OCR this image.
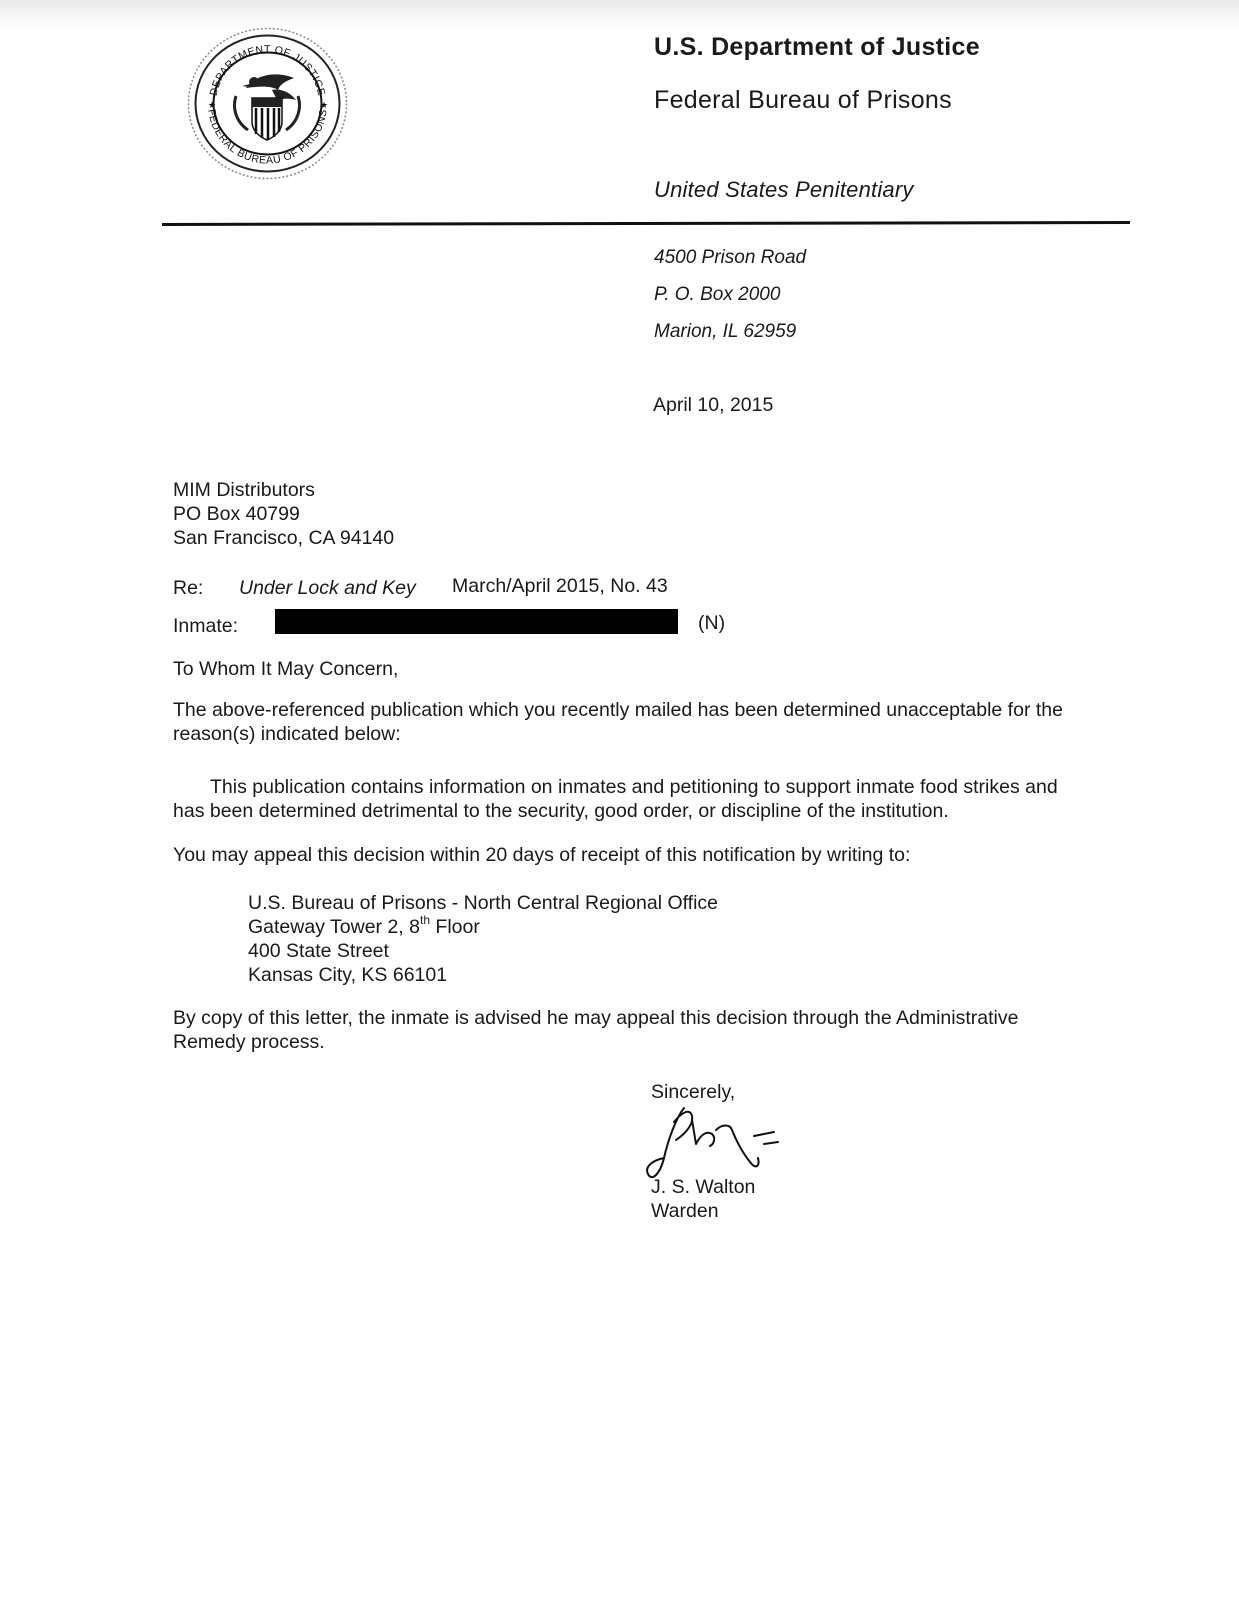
DEPARTMENT OF JUSTICE
FEDERAL BUREAU OF PRISONS
★	★
U.S. Department of Justice
Federal Bureau of Prisons
United States Penitentiary
4500 Prison Road
P. O. Box 2000
Marion, IL 62959
April 10, 2015
MIM Distributors
PO Box 40799
San Francisco, CA 94140
Re: Under Lock and Key March/April 2015, No. 43
Inmate:	(N)
To Whom It May Concern,
The above-referenced publication which you recently mailed has been determined unacceptable for the
reason(s) indicated below:
This publication contains information on inmates and petitioning to support inmate food strikes and
has been determined detrimental to the security, good order, or discipline of the institution.
You may appeal this decision within 20 days of receipt of this notification by writing to:
U.S. Bureau of Prisons - North Central Regional Office
Gateway Tower 2, 8th Floor
400 State Street
Kansas City, KS 66101
By copy of this letter, the inmate is advised he may appeal this decision through the Administrative
Remedy process.
Sincerely,
J. S. Walton
Warden
